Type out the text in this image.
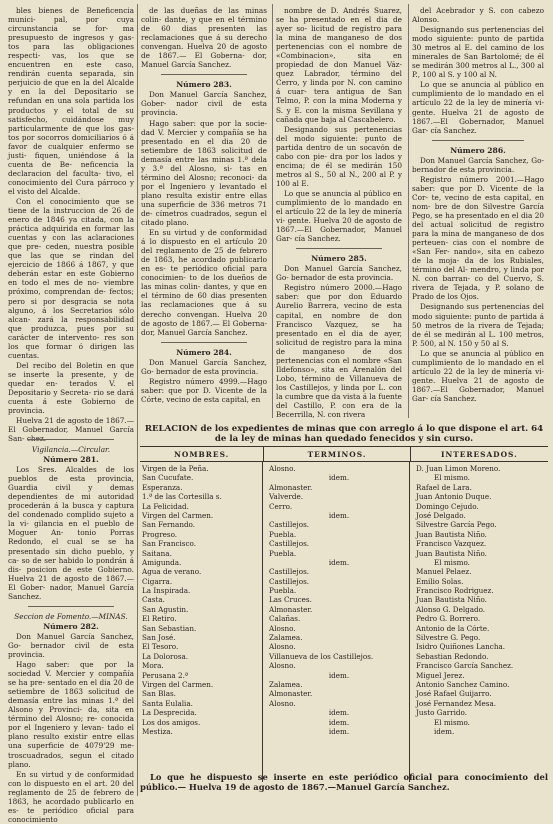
bles bienes de Beneficencia munici- pal, por cuya circunstancia se for- ma presupuesto de ingresos y gas- tos para las obligaciones respecti- vas, los que se encuentren en este caso, rendirán cuenta separada, sin perjuicio de que en la del Alcalde y en la del Depositario se refundan en una sola partida los productos y el total de su satisfecho, cuidándose muy particularmente de que los gas- tos por socorros domiciliarios ó á favor de cualquier enfermo se justi- fiquen, uniéndose á la cuenta de Be- neficencia la declaracion del faculta- tivo, el conocimiento del Cura párroco y el visto del Alcalde.

Con el conocimiento que se tiene de la instruccion de 26 de enero de 1846 ya citada, con la práctica adquirida en formar las cuentas y con las aclaraciones que pre- ceden, nuestra posible que las que se rindan del ejercicio de 1866 á 1867, y que deberán estar en este Gobierno en todo el mes de no- viembre próximo, comprendan de- fectos; pero si por desgracia se nota alguno, á los Secretarios sólo alcan- zará la responsabilidad que produzca, pues por su carácter de intervento- res son los que formar ó dirigen las cuentas.

Del recibo del Boletin en que se inserte la presente, y de quedar en- terados V. el Depositario y Secreta- rio se dará cuenta á este Gobierno de provincia.

Huelva 21 de agosto de 1867.— El Gobernador, Manuel García San- chez.

Vigilancia.—Circular.

Número 281.

Los Sres. Alcaldes de los pueblos de esta provincia, Guardia civil y demas dependientes de mi autoridad procederán á la busca y captura del condenado complido sujeto a la vi- gilancia en el pueblo de Moguer An- tonio Porras Redondo, el cual se se ha presentado sin dicho pueblo, y ca- so de ser habido lo pondrán á dis- posicion de este Gobierno. Huelva 21 de agosto de 1867.— El Gober- nador, Manuel García Sanchez.

Seccion de Fomento.—MINAS.

Número 282.

Don Manuel García Sanchez, Go- bernador civil de esta provincia.

Hago saber: que por la sociedad V. Mercier y compañía se ha pre- sentado en el dia 20 de setiembre de 1863 solicitud de demasía entre las minas 1.ª del Alsono y Provinci- da, sita en término del Alosno; re- conocida por el Ingeniero y levan- tado el plano resulto existir entre ellas una superficie de 4079'29 me- troscuadrados, segun el citado plano.

En su virtud y de conformidad con lo dispuesto en el art. 20 del reglamento de 25 de febrero de 1863, he acordado publicarlo en es- te periódico oficial para conocimiento

de las dueñas de las minas colin- dante, y que en el término de 60 dias presenten las reclamaciones que á su derecho convengan. Huelva 20 de agosto de 1867.— El Goberna- dor, Manuel García Sanchez.

Número 283.

Don Manuel García Sanchez, Gober- nador civil de esta provincia.

Hago saber: que por la socie- dad V. Mercier y compañía se ha presentado en el dia 20 de setiembre de 1863 solicitud de demasía entre las minas 1.ª dela y 3.ª del Alosno, si- tas en término del Alosno; reconoci- da por el Ingeniero y levantado el plano resulta existir entre ellas una superficie de 336 metros 71 de- címetros cuadrados, segun el citado plano.

En su virtud y de conformidad á lo dispuesto en el artículo 20 del reglamento de 25 de febrero de 1863, he acordado publicarlo en es- te periódico oficial para conocimien- to de los dueños de las minas colin- dantes, y que en el término de 60 dias presenten las reclamaciones que á su derecho convengan. Huelva 20 de agosto de 1867.— El Goberna- dor, Manuel García Sanchez.

Número 284.

Don Manuel García Sanchez, Go- bernador de esta provincia.

Registro número 4999.—Hago saber: que por D. Vicente de la Córte, vecino de esta capital, en

nombre de D. Andrés Suarez, se ha presentado en el dia de ayer so- licitud de registro para la mina de manganeso de dos pertenencias con el nombre de «Combinacion», sita en propiedad de don Manuel Váz- quez Labrador, término del Cerro, y linda por N. con camino á cuar- tera antigua de San Telmo, P. con la mina Moderna y S. y E. con la misma Sevillana y cañada que baja al Cascabelero.

Designando sus pertenencias del modo siguiente: punto de partida dentro de un socavón de cabo con pie- dra por los lados y encima; de él se medirán 150 metros al S., 50 al N., 200 al P. y 100 al E.

Lo que se anuncia al público en cumplimiento de lo mandado en el artículo 22 de la ley de minería vi- gente. Huelva 20 de agosto de 1867.—El Gobernador, Manuel Gar- cía Sanchez.

Número 285.

Don Manuel García Sanchez, Go- bernador de esta provincia.

Registro número 2000.—Hago saber: que por don Eduardo Aurelio Barrera, vecino de esta capital, en nombre de don Francisco Vazquez, se ha presentado en el dia de ayer, solicitud de registro para la mina de manganeso de dos pertenencias con el nombre «San Ildefonso», sita en Arenalón del Lobo, término de Villanueva de los Castillejos, y linda por L. con la cumbre que da vista á la fuente del Castillo, P. con era de la Becerrilla, N. con rivera

del Acebrador y S. con cabezo Alonso.

Designando sus pertenencias del modo siguiente: punto de partida 30 metros al E. del camino de los minerales de San Bartolomé; de él se medirán 300 metros al L., 300 al P., 100 al S. y 100 al N.

Lo que se anuncia al público en cumplimiento de lo mandado en el artículo 22 de la ley de minería vi- gente. Huelva 21 de agosto de 1867.—El Gobernador, Manuel Gar- cía Sanchez.

Número 286.

Don Manuel García Sanchez, Go- bernador de esta provincia.

Registro número 2001.—Hago saber: que por D. Vicente de la Cor- te, vecino de esta capital, en nom- bre de don Silvestre García Pego, se ha presentado en el dia 20 del actual solicitud de registro para la mina de manganeso de dos perteuen- cias con el nombre de «San Fer- nando», sita en cabezo de la moja- da de los Rubiales, término del Al- mendro, y linda por N. con barran- co del Cuervo, S. rivera de Tejada, y P. solano de Prado de los Ojos.

Designando sus pertenencias del modo siguiente: punto de partida á 50 metros de la rivera de Tejada; de él se medirán al L. 100 metros, P. 500, al N. 150 y 50 al S.

Lo que se anuncia al público en cumplimiento de lo mandado en el artículo 22 de la ley de minería vi- gente. Huelva 21 de agosto de 1867.—El Gobernador, Manuel Gar- cía Sanchez.

RELACION de los expedientes de minas que con arreglo á lo que dispone el art. 64 de la ley de minas han quedado fenecidos y sin curso.
NOMBRES.	TERMINOS.	INTERESADOS.
Virgen de la Peña.
San Cucufate.
Esperanza.
1.ª de las Cortesilla s.
La Felicidad.
Virgen del Carmen.
San Fernando.
Progreso.
San Francisco.
Saitana.
Amigunda.
Agua de verano.
Cigarra.
La Inspirada.
Casta.
San Agustin.
El Retiro.
San Sebastian.
San José.
El Tesoro.
La Dolorosa.
Mora.
Perusana 2.ª
Virgen del Carmen.
San Blas.
Santa Eulalia.
La Desprecida.
Los dos amigos.
Mestiza.
Alosno.
idem.
Almonaster.
Valverde.
Cerro.
idem.
Castillejos.
Puebla.
Castillejos.
Puebla.
idem.
Castillejos.
Castillejos.
Puebla.
Las Cruces.
Almonaster.
Calañas.
Alosno.
Zalamea.
Alosno.
Villanueva de los Castillejos.
Alosno.
idem.
Zalamea.
Almonaster.
Alosno.
idem.
idem.
idem.
D. Juan Limon Moreno.
El mismo.
Rafael de Lara.
Juan Antonio Duque.
Domingo Cejudo.
José Delgado.
Silvestre García Pego.
Juan Bautista Niño.
Francisco Vazquez.
Juan Bautista Niño.
El mismo.
Manuel Pelaez.
Emilio Solas.
Francisco Rodriguez.
Juan Bautista Niño.
Alonso G. Delgado.
Pedro G. Borrero.
Antonio de la Córte.
Silvestre G. Pego.
Isidro Quiñones Lancha.
Sebastian Redondo.
Francisco García Sanchez.
Miguel Jerez.
Antonio Sanchez Camino.
José Rafael Guijarro.
José Fernandez Mesa.
Justo Garrido.
El mismo.
idem.
Lo que he dispuesto se inserte en este periódico oficial para conocimiento del público.— Huelva 19 de agosto de 1867.—Manuel García Sanchez.
